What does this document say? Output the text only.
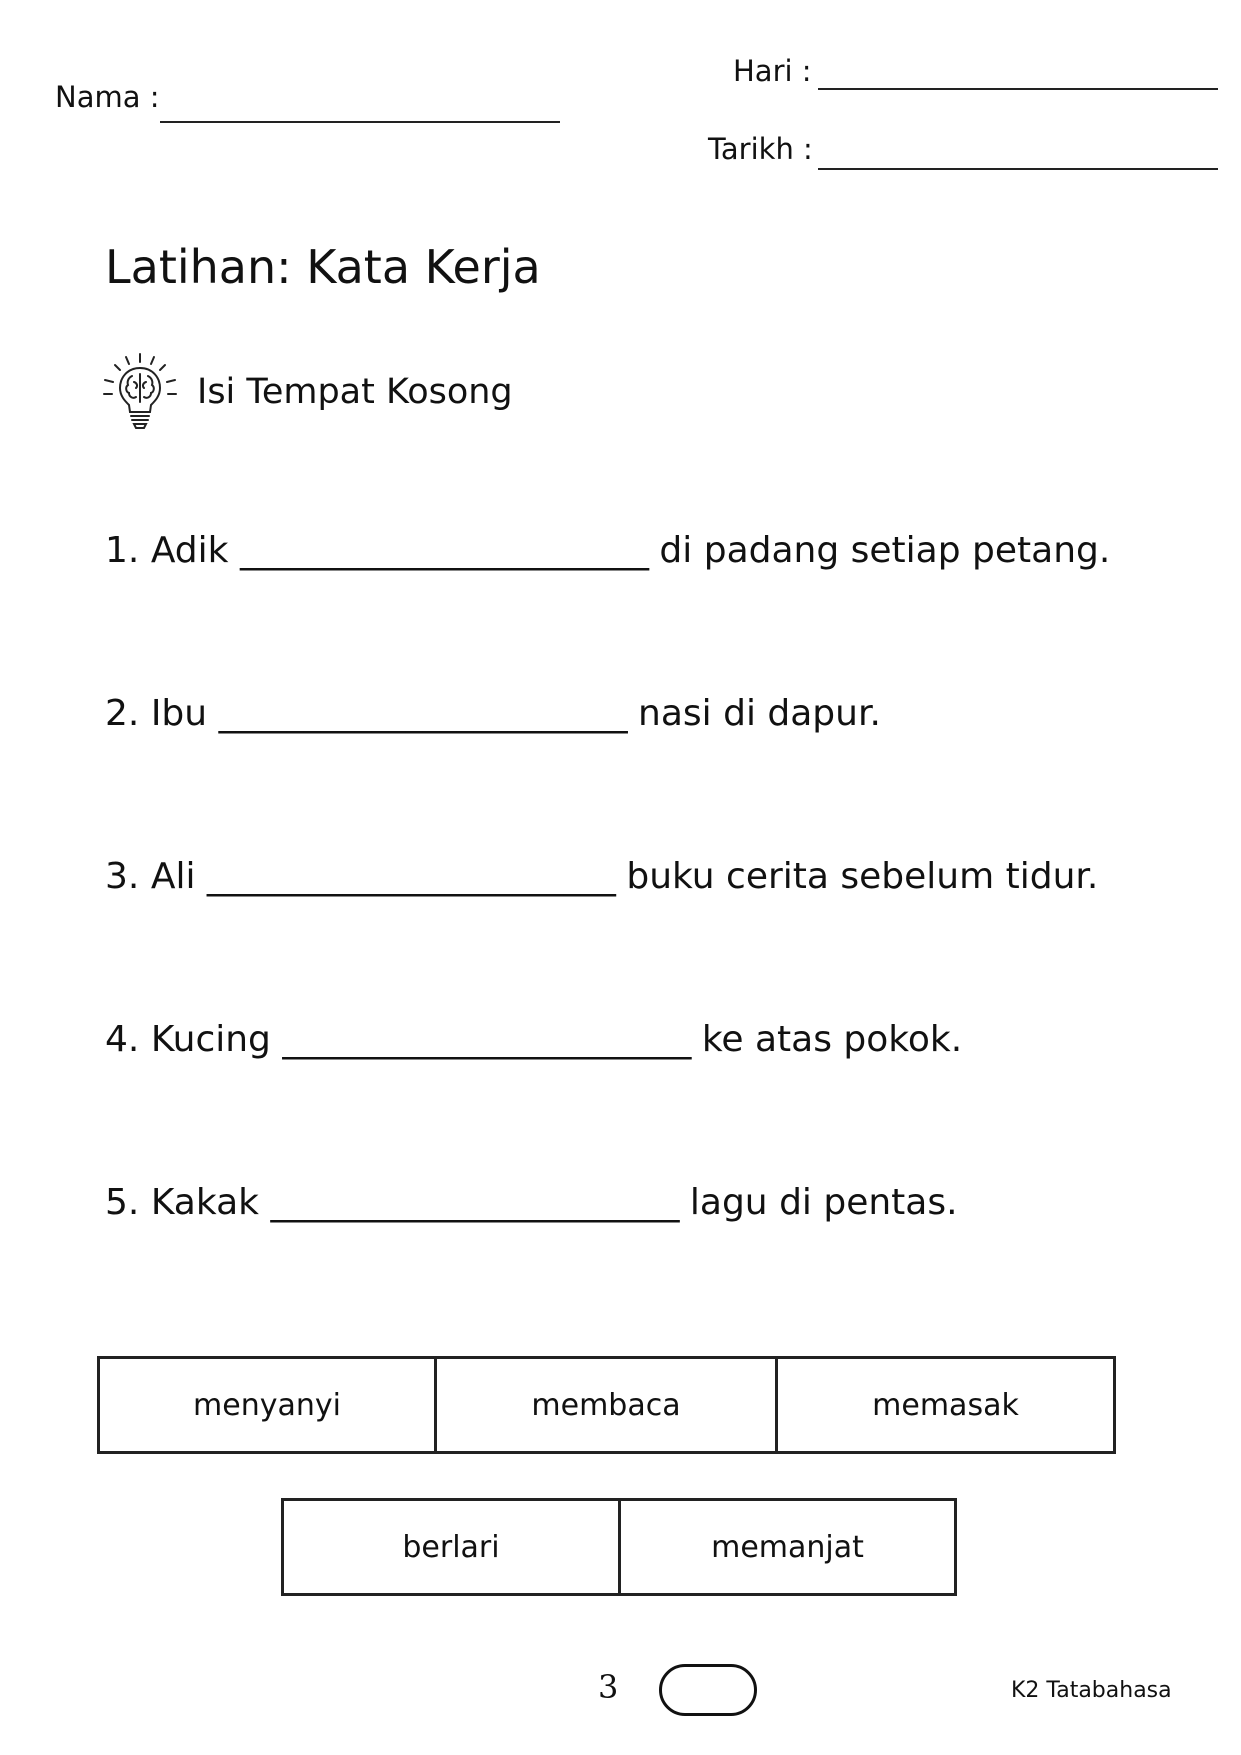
Nama :
Hari :
Tarikh :
Latihan: Kata Kerja
Isi Tempat Kosong
1. Adik ________________________ di padang setiap petang.
2. Ibu ________________________ nasi di dapur.
3. Ali ________________________ buku cerita sebelum tidur.
4. Kucing ________________________ ke atas pokok.
5. Kakak ________________________ lagu di pentas.
menyanyi	membaca	memasak
berlari	memanjat
3	K2 Tatabahasa
